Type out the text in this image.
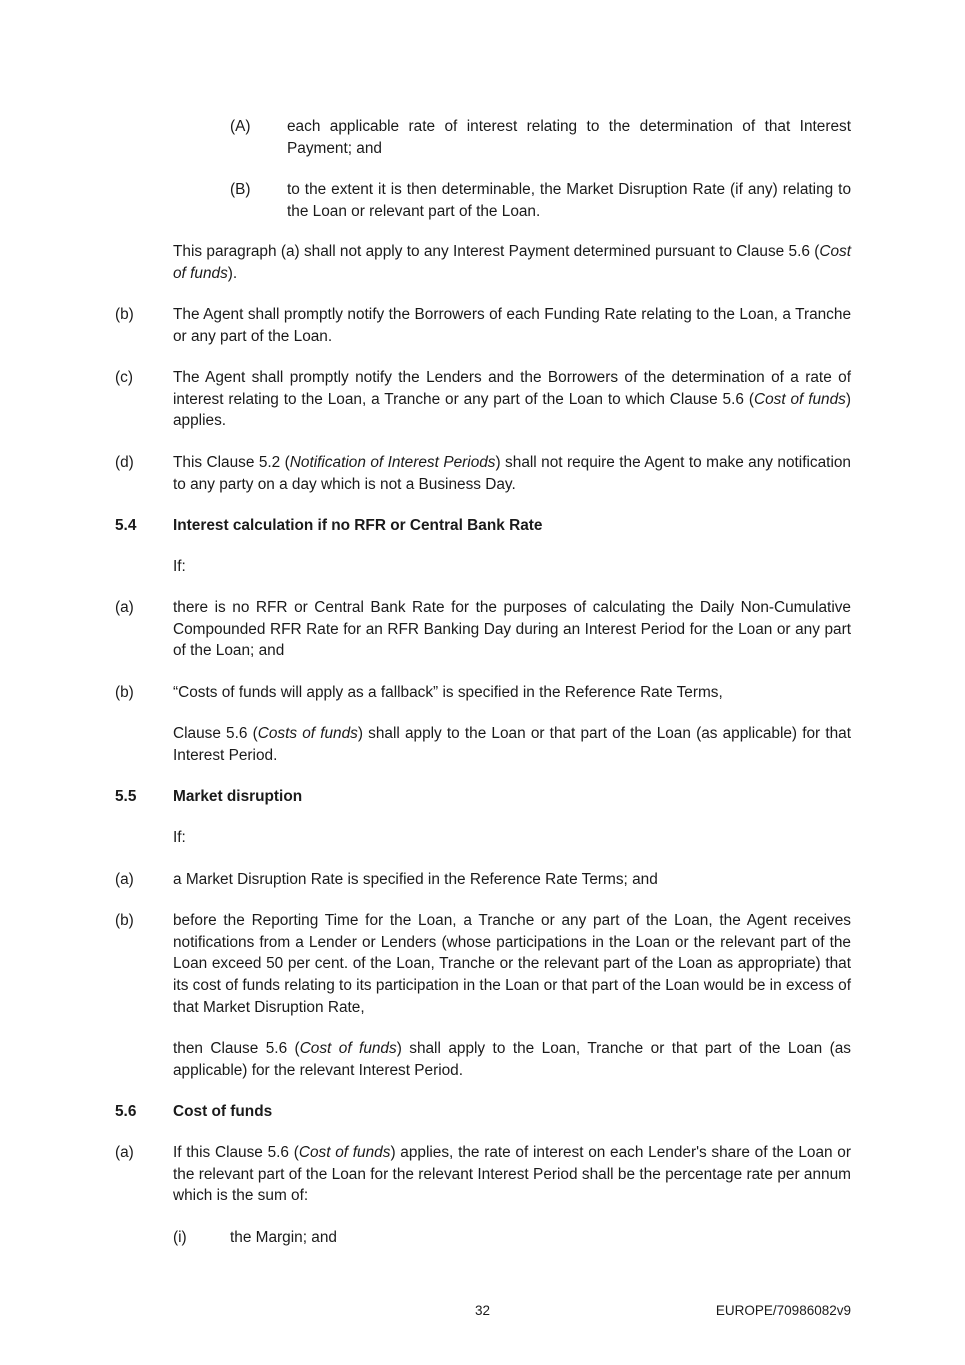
(A) each applicable rate of interest relating to the determination of that Interest Payment; and
(B) to the extent it is then determinable, the Market Disruption Rate (if any) relating to the Loan or relevant part of the Loan.
This paragraph (a) shall not apply to any Interest Payment determined pursuant to Clause 5.6 (Cost of funds).
(b)	The Agent shall promptly notify the Borrowers of each Funding Rate relating to the Loan, a Tranche or any part of the Loan.
(c)	The Agent shall promptly notify the Lenders and the Borrowers of the determination of a rate of interest relating to the Loan, a Tranche or any part of the Loan to which Clause 5.6 (Cost of funds) applies.
(d)	This Clause 5.2 (Notification of Interest Periods) shall not require the Agent to make any notification to any party on a day which is not a Business Day.
5.4 Interest calculation if no RFR or Central Bank Rate
If:
(a)	there is no RFR or Central Bank Rate for the purposes of calculating the Daily Non-Cumulative Compounded RFR Rate for an RFR Banking Day during an Interest Period for the Loan or any part of the Loan; and
(b)	“Costs of funds will apply as a fallback” is specified in the Reference Rate Terms,
Clause 5.6 (Costs of funds) shall apply to the Loan or that part of the Loan (as applicable) for that Interest Period.
5.5 Market disruption
If:
(a)	a Market Disruption Rate is specified in the Reference Rate Terms; and
(b)	before the Reporting Time for the Loan, a Tranche or any part of the Loan, the Agent receives notifications from a Lender or Lenders (whose participations in the Loan or the relevant part of the Loan exceed 50 per cent. of the Loan, Tranche or the relevant part of the Loan as appropriate) that its cost of funds relating to its participation in the Loan or that part of the Loan would be in excess of that Market Disruption Rate,
then Clause 5.6 (Cost of funds) shall apply to the Loan, Tranche or that part of the Loan (as applicable) for the relevant Interest Period.
5.6 Cost of funds
(a)	If this Clause 5.6 (Cost of funds) applies, the rate of interest on each Lender's share of the Loan or the relevant part of the Loan for the relevant Interest Period shall be the percentage rate per annum which is the sum of:
(i)	the Margin; and
32	EUROPE/70986082v9
